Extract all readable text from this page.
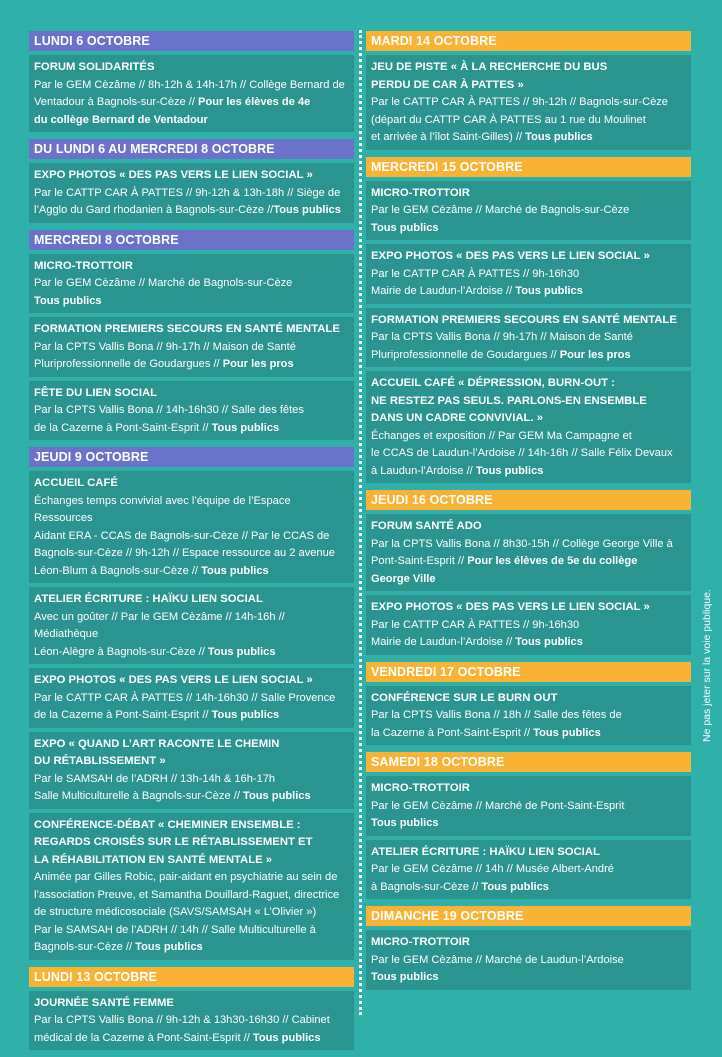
LUNDI 6 OCTOBRE
FORUM SOLIDARITÉS
Par le GEM Cèzâme // 8h-12h & 14h-17h // Collège Bernard de
Ventadour à Bagnols-sur-Cèze // Pour les élèves de 4e
du collège Bernard de Ventadour
DU LUNDI 6 AU MERCREDI 8 OCTOBRE
EXPO PHOTOS « DES PAS VERS LE LIEN SOCIAL »
Par le CATTP CAR À PATTES // 9h-12h & 13h-18h // Siège de
l’Agglo du Gard rhodanien à Bagnols-sur-Cèze //Tous publics
MERCREDI 8 OCTOBRE
MICRO-TROTTOIR
Par le GEM Cèzâme // Marché de Bagnols-sur-Cèze
Tous publics
FORMATION PREMIERS SECOURS EN SANTÉ MENTALE
Par la CPTS Vallis Bona // 9h-17h // Maison de Santé
Pluriprofessionnelle de Goudargues // Pour les pros
FÊTE DU LIEN SOCIAL
Par la CPTS Vallis Bona // 14h-16h30 // Salle des fêtes
de la Cazerne à Pont-Saint-Esprit // Tous publics
JEUDI 9 OCTOBRE
ACCUEIL CAFÉ
Échanges temps convivial avec l’équipe de l’Espace Ressources
Aidant ERA - CCAS de Bagnols-sur-Cèze // Par le CCAS de
Bagnols-sur-Cèze // 9h-12h // Espace ressource au 2 avenue
Léon-Blum à Bagnols-sur-Cèze // Tous publics
ATELIER ÉCRITURE : HAÏKU LIEN SOCIAL
Avec un goûter // Par le GEM Cèzâme // 14h-16h // Médiathèque
Léon-Alègre à Bagnols-sur-Cèze // Tous publics
EXPO PHOTOS « DES PAS VERS LE LIEN SOCIAL »
Par le CATTP CAR À PATTES // 14h-16h30 // Salle Provence
de la Cazerne à Pont-Saint-Esprit // Tous publics
EXPO « QUAND L’ART RACONTE LE CHEMIN
DU RÉTABLISSEMENT »
Par le SAMSAH de l’ADRH // 13h-14h & 16h-17h
Salle Multiculturelle à Bagnols-sur-Cèze // Tous publics
CONFÉRENCE-DÉBAT « CHEMINER ENSEMBLE :
REGARDS CROISÉS SUR LE RÉTABLISSEMENT ET
LA RÉHABILITATION EN SANTÉ MENTALE »
Animée par Gilles Robic, pair-aidant en psychiatrie au sein de
l’association Preuve, et Samantha Douillard-Raguet, directrice
de structure médicosociale (SAVS/SAMSAH « L’Olivier »)
Par le SAMSAH de l’ADRH // 14h // Salle Multiculturelle à
Bagnols-sur-Cèze // Tous publics
LUNDI 13 OCTOBRE
JOURNÉE SANTÉ FEMME
Par la CPTS Vallis Bona // 9h-12h & 13h30-16h30 // Cabinet
médical de la Cazerne à Pont-Saint-Esprit // Tous publics
MARDI 14 OCTOBRE
JEU DE PISTE « À LA RECHERCHE DU BUS
PERDU DE CAR À PATTES »
Par le CATTP CAR À PATTES // 9h-12h // Bagnols-sur-Cèze
(départ du CATTP CAR À PATTES au 1 rue du Moulinet
et arrivée à l’îlot Saint-Gilles) // Tous publics
MERCREDI 15 OCTOBRE
MICRO-TROTTOIR
Par le GEM Cèzâme // Marché de Bagnols-sur-Cèze
Tous publics
EXPO PHOTOS « DES PAS VERS LE LIEN SOCIAL »
Par le CATTP CAR À PATTES // 9h-16h30
Mairie de Laudun-l’Ardoise // Tous publics
FORMATION PREMIERS SECOURS EN SANTÉ MENTALE
Par la CPTS Vallis Bona // 9h-17h // Maison de Santé
Pluriprofessionnelle de Goudargues // Pour les pros
ACCUEIL CAFÉ « DÉPRESSION, BURN-OUT :
NE RESTEZ PAS SEULS. PARLONS-EN ENSEMBLE
DANS UN CADRE CONVIVIAL. »
Échanges et exposition // Par GEM Ma Campagne et
le CCAS de Laudun-l’Ardoise // 14h-16h // Salle Félix Devaux
à Laudun-l’Ardoise // Tous publics
JEUDI 16 OCTOBRE
FORUM SANTÉ ADO
Par la CPTS Vallis Bona // 8h30-15h // Collège George Ville à
Pont-Saint-Esprit // Pour les élèves de 5e du collège
George Ville
EXPO PHOTOS « DES PAS VERS LE LIEN SOCIAL »
Par le CATTP CAR À PATTES // 9h-16h30
Mairie de Laudun-l’Ardoise // Tous publics
VENDREDI 17 OCTOBRE
CONFÉRENCE SUR LE BURN OUT
Par la CPTS Vallis Bona // 18h // Salle des fêtes de
la Cazerne à Pont-Saint-Esprit // Tous publics
SAMEDI 18 OCTOBRE
MICRO-TROTTOIR
Par le GEM Cèzâme // Marché de Pont-Saint-Esprit
Tous publics
ATELIER ÉCRITURE : HAÏKU LIEN SOCIAL
Par le GEM Cèzâme // 14h // Musée Albert-André
à Bagnols-sur-Cèze // Tous publics
DIMANCHE 19 OCTOBRE
MICRO-TROTTOIR
Par le GEM Cèzâme // Marché de Laudun-l’Ardoise
Tous publics
Ne pas jeter sur la voie publique.
